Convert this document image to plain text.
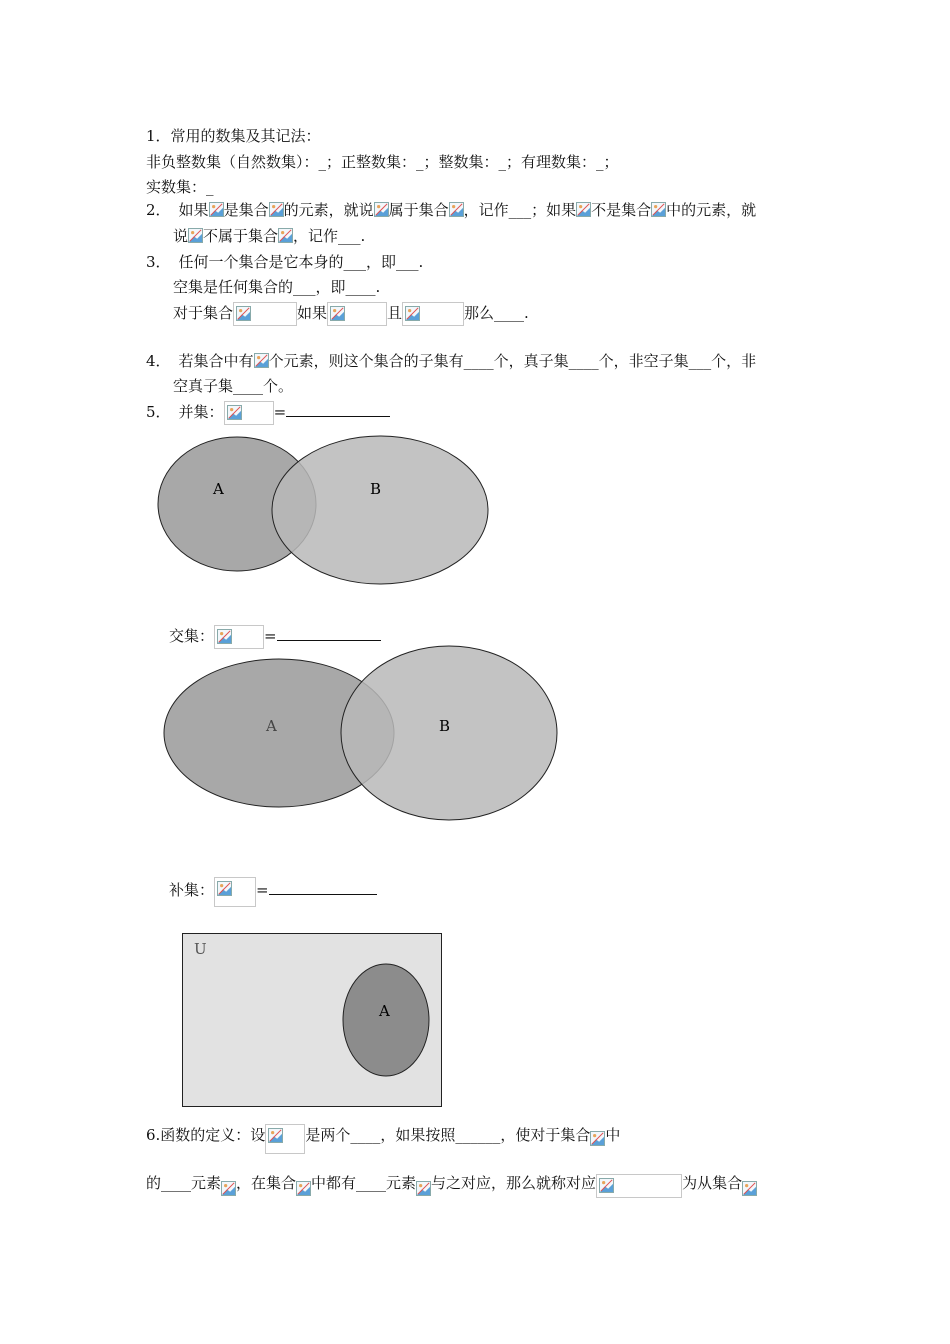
1．常用的数集及其记法：
非负整数集（自然数集）：_；正整数集：_；整数集：_；有理数集：_；
实数集：_
2． 如果 是集合 的元素，就说 属于集合 ，记作___；如果 不是集合 中的元素，就
说 不属于集合 ，记作___.
3． 任何一个集合是它本身的___，即___.
空集是任何集合的___，即____.
对于集合	如果	且	那么____.
4． 若集合中有 个元素，则这个集合的子集有____个，真子集____个，非空子集___个，非
空真子集____个。
5． 并集：	=
A	B
交集：	=
A	B
补集：	=
U
A
6.函数的定义：设	是两个____，如果按照______，使对于集合 中
的____元素 ，在集合 中都有____元素 与之对应，那么就称对应	为从集合
